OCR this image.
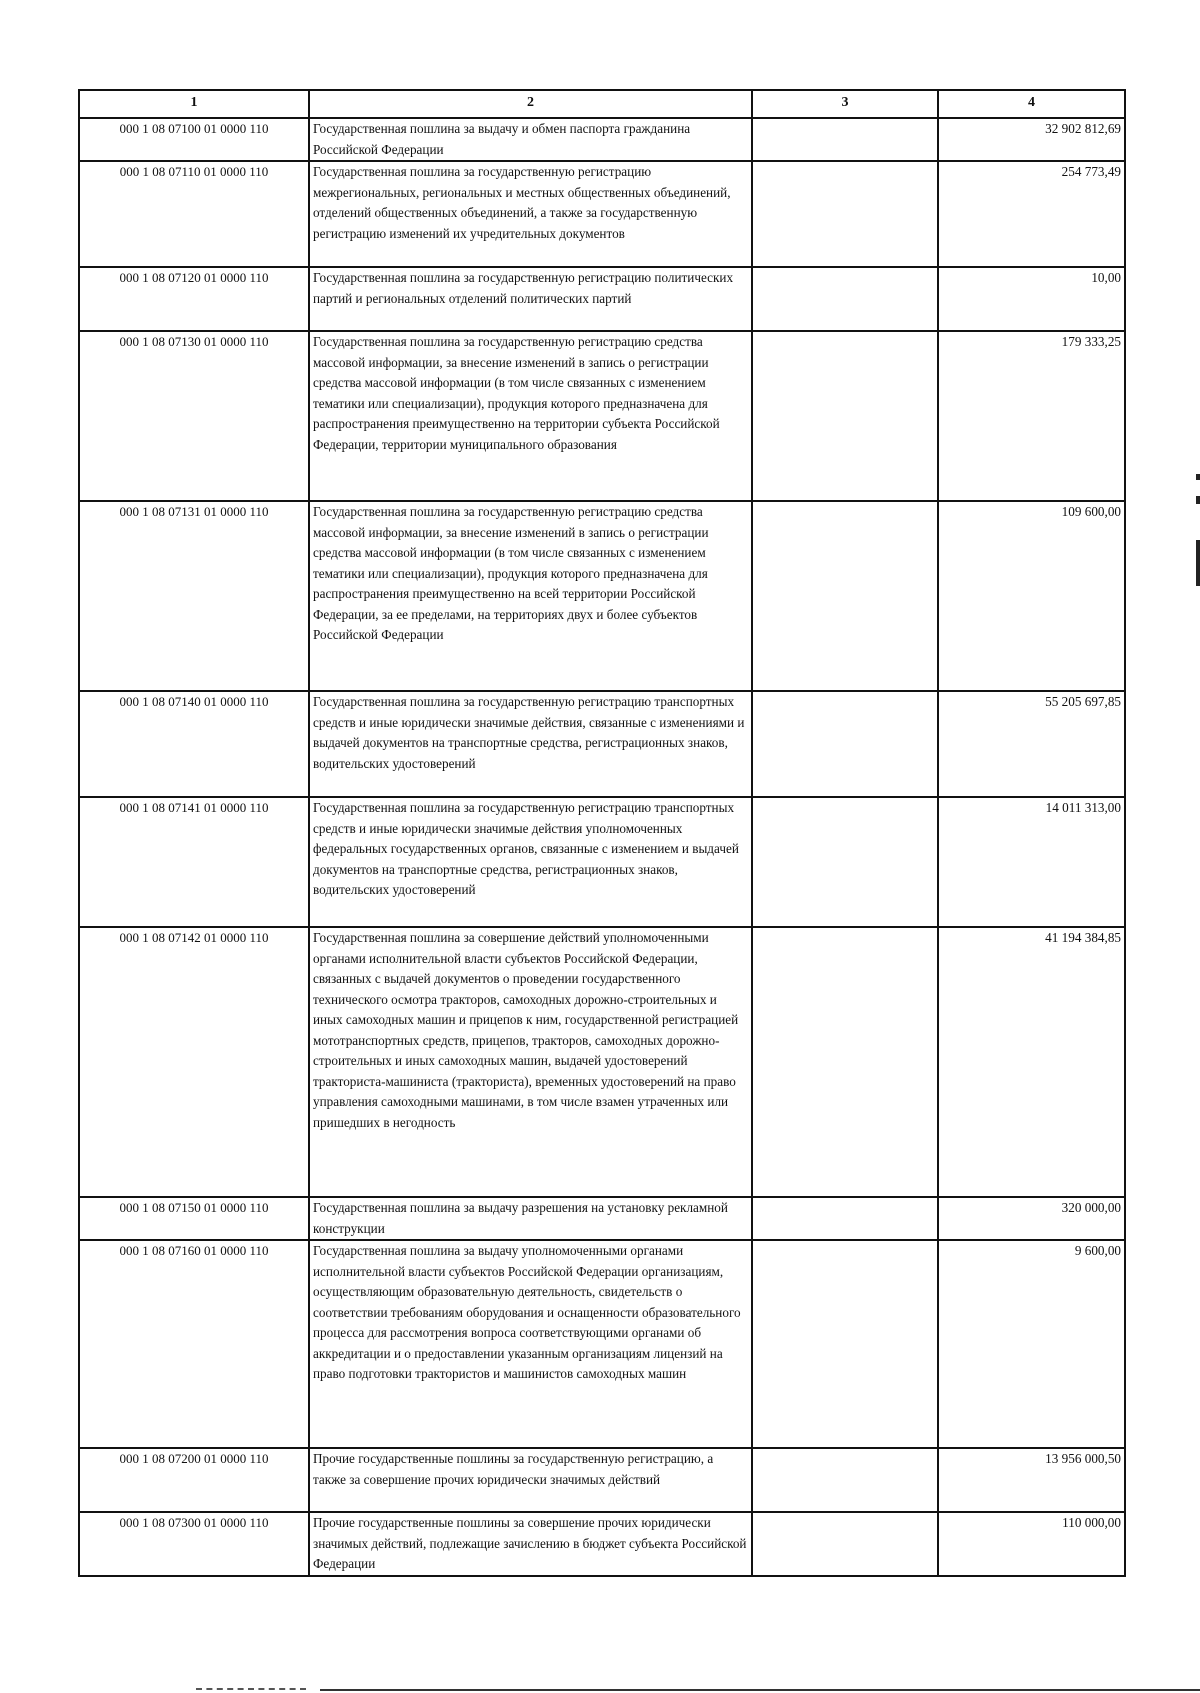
1	2	3	4
000 1 08 07100 01 0000 110	Государственная пошлина за выдачу и обмен паспорта гражданина Российской Федерации		32 902 812,69
000 1 08 07110 01 0000 110	Государственная пошлина за государственную регистрацию межрегиональных, региональных и местных общественных объединений, отделений общественных объединений, а также за государственную регистрацию изменений их учредительных документов		254 773,49
000 1 08 07120 01 0000 110	Государственная пошлина за государственную регистрацию политических партий и региональных отделений политических партий		10,00
000 1 08 07130 01 0000 110	Государственная пошлина за государственную регистрацию средства массовой информации, за внесение изменений в запись о регистрации средства массовой информации (в том числе связанных с изменением тематики или специализации), продукция которого предназначена для распространения преимущественно на территории субъекта Российской Федерации, территории муниципального образования		179 333,25
000 1 08 07131 01 0000 110	Государственная пошлина за государственную регистрацию средства массовой информации, за внесение изменений в запись о регистрации средства массовой информации (в том числе связанных с изменением тематики или специализации), продукция которого предназначена для распространения преимущественно на всей территории Российской Федерации, за ее пределами, на территориях двух и более субъектов Российской Федерации		109 600,00
000 1 08 07140 01 0000 110	Государственная пошлина за государственную регистрацию транспортных средств и иные юридически значимые действия, связанные с изменениями и выдачей документов на транспортные средства, регистрационных знаков, водительских удостоверений		55 205 697,85
000 1 08 07141 01 0000 110	Государственная пошлина за государственную регистрацию транспортных средств и иные юридически значимые действия уполномоченных федеральных государственных органов, связанные с изменением и выдачей документов на транспортные средства, регистрационных знаков, водительских удостоверений		14 011 313,00
000 1 08 07142 01 0000 110	Государственная пошлина за совершение действий уполномоченными органами исполнительной власти субъектов Российской Федерации, связанных с выдачей документов о проведении государственного технического осмотра тракторов, самоходных дорожно-строительных и иных самоходных машин и прицепов к ним, государственной регистрацией мототранспортных средств, прицепов, тракторов, самоходных дорожно-строительных и иных самоходных машин, выдачей удостоверений тракториста-машиниста (тракториста), временных удостоверений на право управления самоходными машинами, в том числе взамен утраченных или пришедших в негодность		41 194 384,85
000 1 08 07150 01 0000 110	Государственная пошлина за выдачу разрешения на установку рекламной конструкции		320 000,00
000 1 08 07160 01 0000 110	Государственная пошлина за выдачу уполномоченными органами исполнительной власти субъектов Российской Федерации организациям, осуществляющим образовательную деятельность, свидетельств о соответствии требованиям оборудования и оснащенности образовательного процесса для рассмотрения вопроса соответствующими органами об аккредитации и о предоставлении указанным организациям лицензий на право подготовки трактористов и машинистов самоходных машин		9 600,00
000 1 08 07200 01 0000 110	Прочие государственные пошлины за государственную регистрацию, а также за совершение прочих юридически значимых действий		13 956 000,50
000 1 08 07300 01 0000 110	Прочие государственные пошлины за совершение прочих юридически значимых действий, подлежащие зачислению в бюджет субъекта Российской Федерации		110 000,00
